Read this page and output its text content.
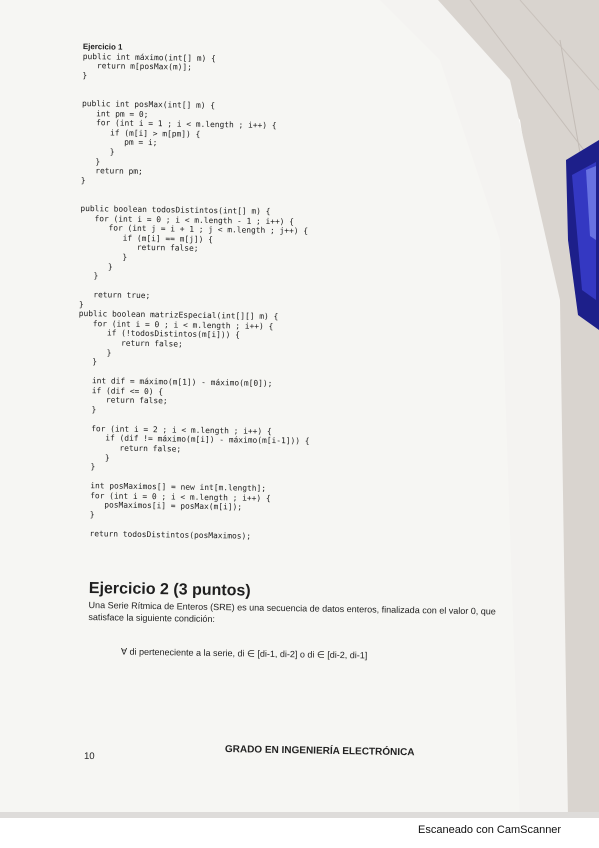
Ejercicio 1
public int máximo(int[] m) {
return m[posMax(m)];
}
public int posMax(int[] m) {
int pm = 0;
for (int i = 1 ; i < m.length ; i++) {
if (m[i] > m[pm]) {
pm = i;
}
}
return pm;
}
public boolean todosDistintos(int[] m) {
for (int i = 0 ; i < m.length - 1 ; i++) {
for (int j = i + 1 ; j < m.length ; j++) {
if (m[i] == m[j]) {
return false;
}
}
}
return true;
}
public boolean matrizEspecial(int[][] m) {
for (int i = 0 ; i < m.length ; i++) {
if (!todosDistintos(m[i])) {
return false;
}
}
int dif = máximo(m[1]) - máximo(m[0]);
if (dif <= 0) {
return false;
}
for (int i = 2 ; i < m.length ; i++) {
if (dif != máximo(m[i]) - máximo(m[i-1])) {
return false;
}
}
int posMaximos[] = new int[m.length];
for (int i = 0 ; i < m.length ; i++) {
posMaximos[i] = posMax(m[i]);
}
return todosDistintos(posMaximos);
Ejercicio 2 (3 puntos)

Una Serie Rítmica de Enteros (SRE) es una secuencia de datos enteros, finalizada con el valor 0, que satisface la siguiente condición:

∀ di perteneciente a la serie, di ∈ [di-1, di-2] o di ∈ [di-2, di-1]

10	GRADO EN INGENIERÍA ELECTRÓNICA
Escaneado con CamScanner
